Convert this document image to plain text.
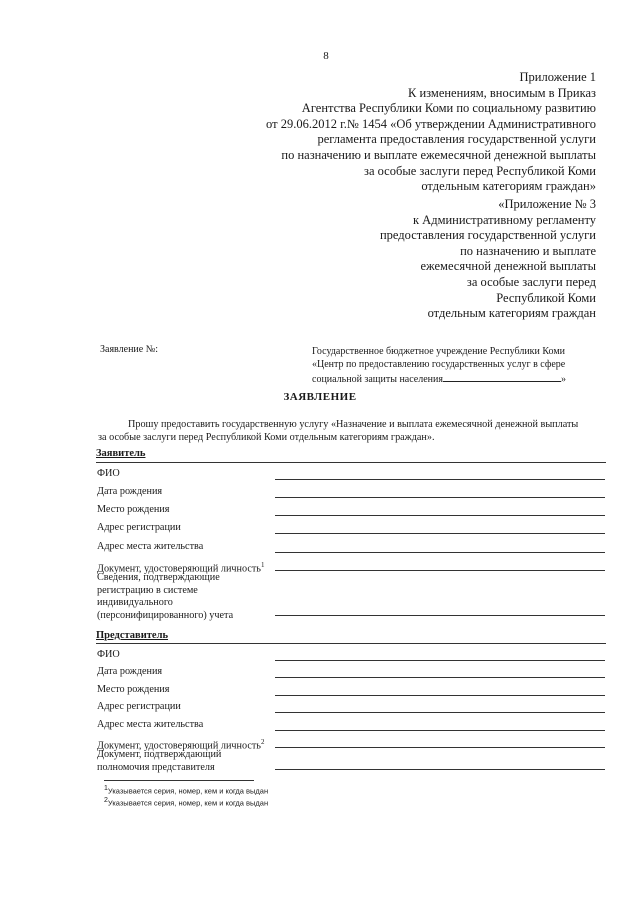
8
Приложение 1
К изменениям, вносимым в Приказ
Агентства Республики Коми по социальному развитию
от 29.06.2012 г.№ 1454 «Об утверждении Административного
регламента предоставления государственной услуги
по назначению и выплате ежемесячной денежной выплаты
за особые заслуги перед Республикой Коми
отдельным категориям граждан»
«Приложение № 3
к Административному регламенту
предоставления государственной услуги
по назначению и выплате
ежемесячной денежной выплаты
за особые заслуги перед
Республикой Коми
отдельным категориям граждан
Заявление №:	Государственное бюджетное учреждение Республики Коми
«Центр по предоставлению государственных услуг в сфере
социальной защиты населения	»
ЗАЯВЛЕНИЕ
Прошу предоставить государственную услугу «Назначение и выплата ежемесячной денежной выплаты
за особые заслуги перед Республикой Коми отдельным категориям граждан».
Заявитель
ФИО
Дата рождения
Место рождения
Адрес регистрации
Адрес места жительства
Документ, удостоверяющий личность$^1$
Сведения, подтверждающие
регистрацию в системе
индивидуального
(персонифицированного) учета
Представитель
ФИО
Дата рождения
Место рождения
Адрес регистрации
Адрес места жительства
Документ, удостоверяющий личность$^2$
Документ, подтверждающий
полномочия представителя
$^1$Указывается серия, номер, кем и когда выдан
$^2$Указывается серия, номер, кем и когда выдан
